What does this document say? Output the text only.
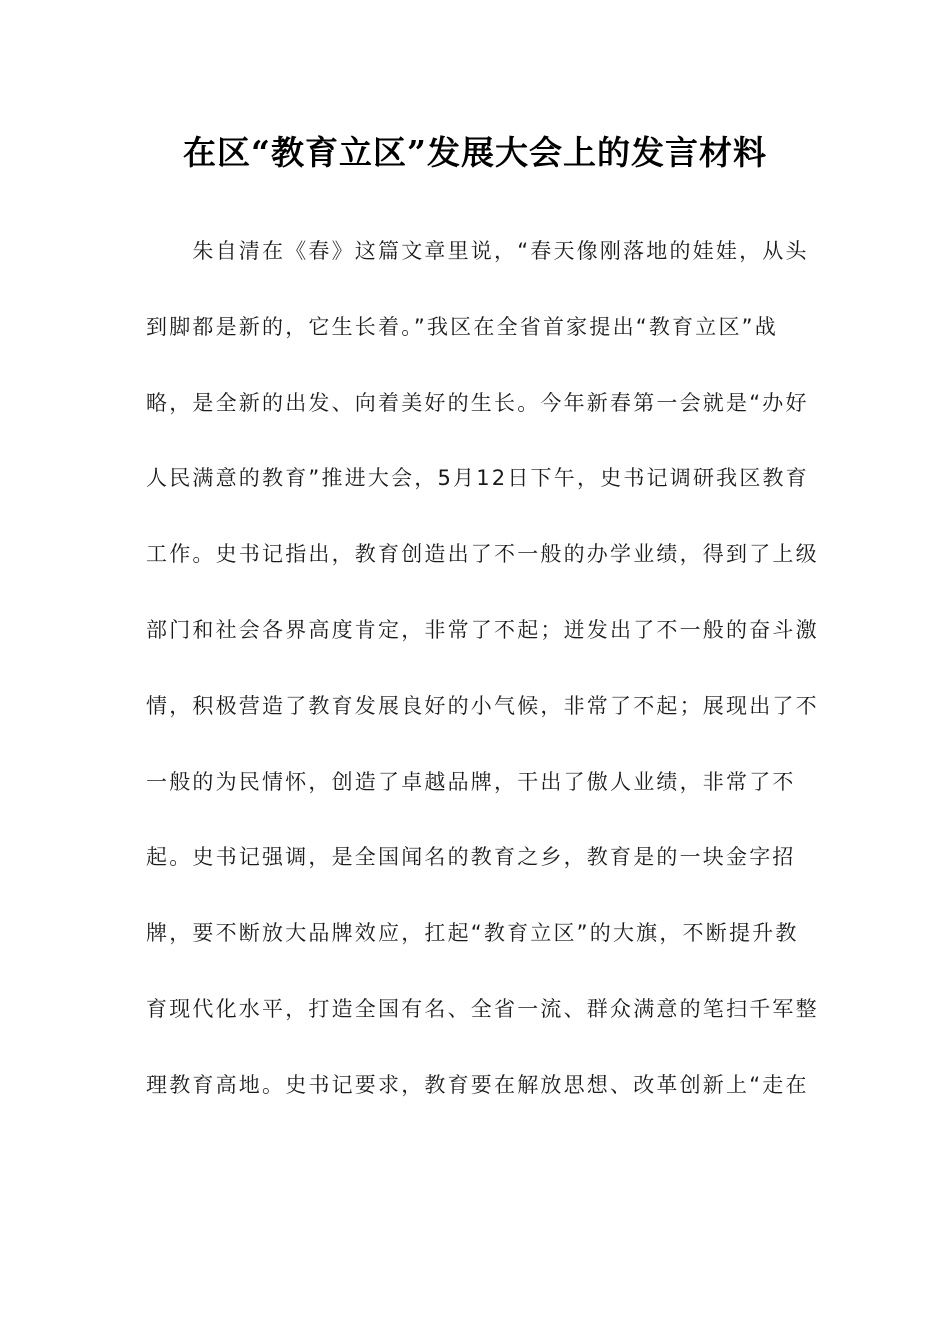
在区“教育立区”发展大会上的发言材料
　　朱自清在《春》这篇文章里说，“春天像刚落地的娃娃，从头
到脚都是新的，它生长着。”我区在全省首家提出“教育立区”战
略，是全新的出发、向着美好的生长。今年新春第一会就是“办好
人民满意的教育”推进大会，5月12日下午，史书记调研我区教育
工作。史书记指出，教育创造出了不一般的办学业绩，得到了上级
部门和社会各界高度肯定，非常了不起；迸发出了不一般的奋斗激
情，积极营造了教育发展良好的小气候，非常了不起；展现出了不
一般的为民情怀，创造了卓越品牌，干出了傲人业绩，非常了不
起。史书记强调，是全国闻名的教育之乡，教育是的一块金字招
牌，要不断放大品牌效应，扛起“教育立区”的大旗，不断提升教
育现代化水平，打造全国有名、全省一流、群众满意的笔扫千军整
理教育高地。史书记要求，教育要在解放思想、改革创新上“走在
